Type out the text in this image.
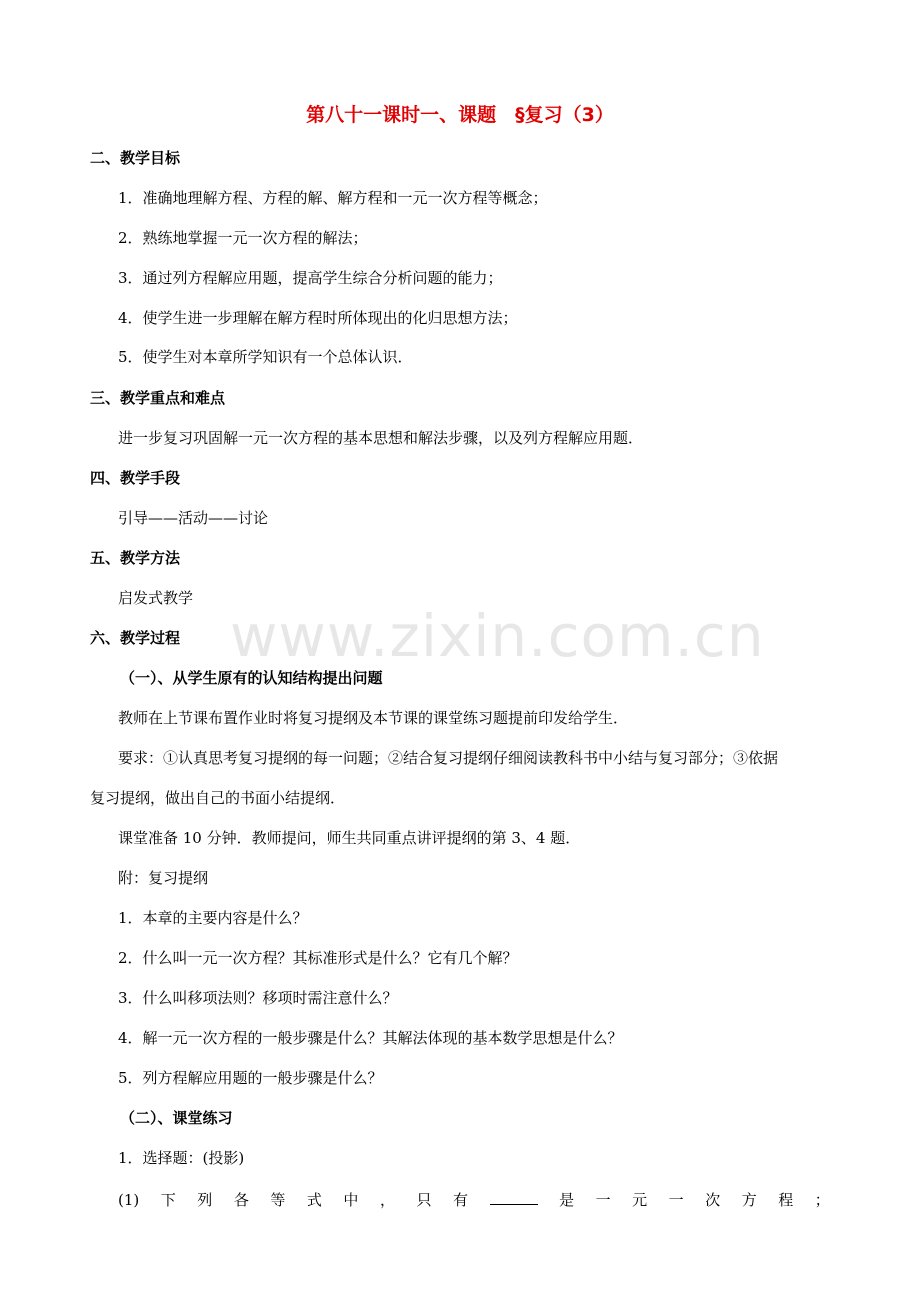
第八十一课时一、课题　§复习（3）
二、教学目标
1．准确地理解方程、方程的解、解方程和一元一次方程等概念；
2．熟练地掌握一元一次方程的解法；
3．通过列方程解应用题，提高学生综合分析问题的能力；
4．使学生进一步理解在解方程时所体现出的化归思想方法；
5．使学生对本章所学知识有一个总体认识．
三、教学重点和难点
进一步复习巩固解一元一次方程的基本思想和解法步骤，以及列方程解应用题．
四、教学手段
引导——活动——讨论
五、教学方法
启发式教学
六、教学过程
（一）、从学生原有的认知结构提出问题
教师在上节课布置作业时将复习提纲及本节课的课堂练习题提前印发给学生．
要求：①认真思考复习提纲的每一问题；②结合复习提纲仔细阅读教科书中小结与复习部分；③依据
复习提纲，做出自己的书面小结提纲．
课堂准备 10 分钟．教师提问，师生共同重点讲评提纲的第 3、4 题．
附：复习提纲
1．本章的主要内容是什么？
2．什么叫一元一次方程？其标准形式是什么？它有几个解？
3．什么叫移项法则？移项时需注意什么？
4．解一元一次方程的一般步骤是什么？其解法体现的基本数学思想是什么？
5．列方程解应用题的一般步骤是什么？
（二）、课堂练习
1．选择题：(投影)
(1) 下 列 各 等 式 中 ， 只 有	是 一 元 一 次 方 程 ；
www.zixin.com.cn
